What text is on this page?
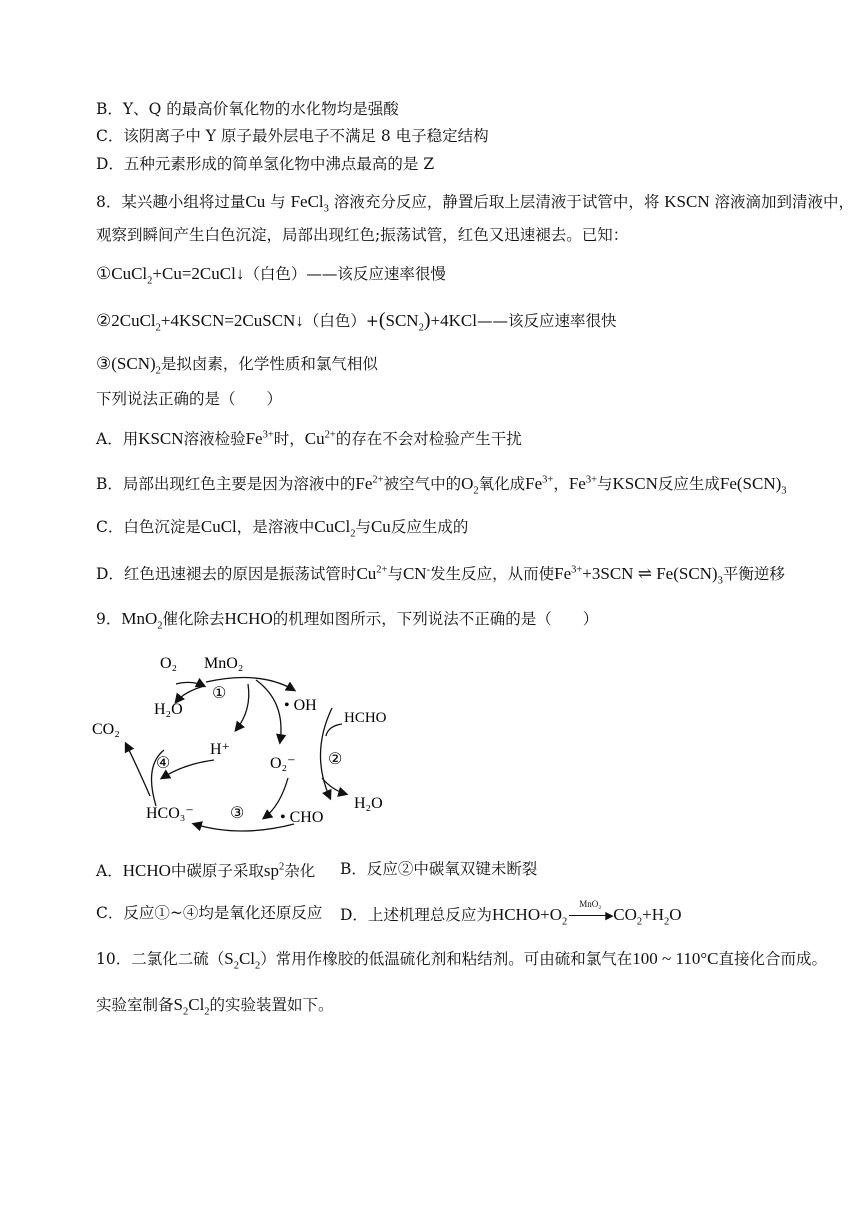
B．Y、Q 的最高价氧化物的水化物均是强酸
C．该阴离子中 Y 原子最外层电子不满足 8 电子稳定结构
D．五种元素形成的简单氢化物中沸点最高的是 Z
8．某兴趣小组将过量Cu 与 FeCl$_3$ 溶液充分反应，静置后取上层清液于试管中，将 KSCN 溶液滴加到清液中，
观察到瞬间产生白色沉淀，局部出现红色;振荡试管，红色又迅速褪去。已知：
①CuCl$_2$+Cu=2CuCl↓（白色）——该反应速率很慢
②2CuCl$_2$+4KSCN=2CuSCN↓（白色）$+(SCN_2)+4KCl——$该反应速率很快
$③(SCN)_2$是拟卤素，化学性质和氯气相似
下列说法正确的是（　　）
A．用KSCN溶液检验$Fe^{3+}$时，$Cu^{2+}$的存在不会对检验产生干扰
B．局部出现红色主要是因为溶液中的$Fe^{2+}$被空气中的$O_2$氧化成$Fe^{3+}$，$Fe^{3+}$与KSCN反应生成$Fe(SCN)_3$
C．白色沉淀是CuCl，是溶液中CuCl$_2$与Cu反应生成的
D．红色迅速褪去的原因是振荡试管时$Cu^{2+}$与CN-发生反应，从而使$Fe^{3+}+3SCN$ ⇌ $Fe(SCN)_3$平衡逆移
9．MnO$_2$催化除去HCHO的机理如图所示，下列说法不正确的是（　　）
O₂ MnO₂
①
• OH
H₂O	HCHO
CO₂
④
H⁺
O₂⁻ ②
H₂O
HCO₃⁻ ③ • CHO
A．HCHO中碳原子采取$sp^2$杂化 B．反应②中碳氧双键未断裂
C．反应①~④均是氧化还原反应 D．上述机理总反应为$HCHO+O_2$
MnO₂
▶ $CO_2+H_2O$
10．二氯化二硫$(S_2Cl_2)$常用作橡胶的低温硫化剂和粘结剂。可由硫和氯气在100 ~ 110°C直接化合而成。
实验室制备$S_2Cl_2$的实验装置如下。
